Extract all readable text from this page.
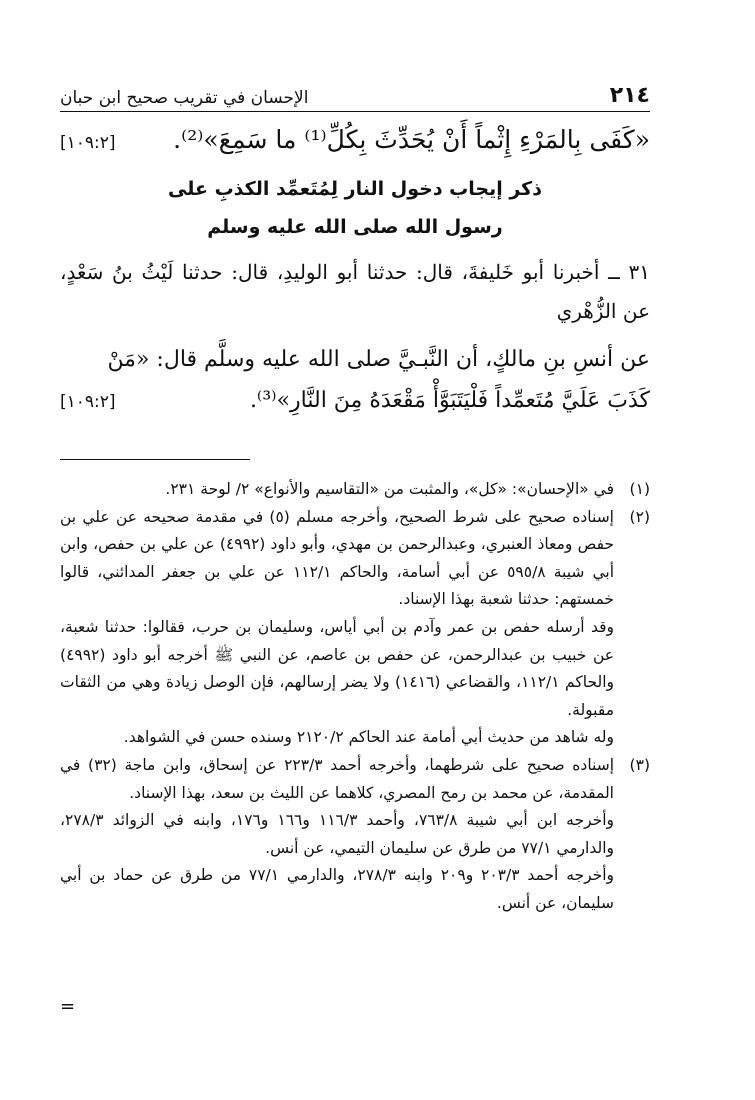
٢١٤
الإحسان في تقريب صحيح ابن حبان
«كَفَى بِالمَرْءِ إِثْماً أَنْ يُحَدِّثَ بِكُلِّ⁽¹⁾ ما سَمِعَ»⁽²⁾.
[١٠٩:٢]
ذكر إيجاب دخول النار لِمُتَعمِّد الكذبِ على
رسول الله صلى الله عليه وسلم
٣١ ــ أخبرنا أبو خَليفةَ، قال: حدثنا أبو الوليدِ، قال: حدثنا لَيْثُ بنُ سَعْدٍ، عن الزُّهْري
عن أنسِ بنِ مالكٍ، أن النَّبـيَّ صلى الله عليه وسلَّم قال: «مَنْ
كَذَبَ عَلَيَّ مُتَعمِّداً فَلْيَتَبَوَّأْ مَقْعَدَهُ مِنَ النَّارِ»⁽³⁾.
[١٠٩:٢]
(١)

في «الإحسان»: «كل»، والمثبت من «التقاسيم والأنواع» ٢/ لوحة ٢٣١.

(٢)

إسناده صحيح على شرط الصحيح، وأخرجه مسلم (٥) في مقدمة صحيحه عن علي بن حفص ومعاذ العنبري، وعبدالرحمن بن مهدي، وأبو داود (٤٩٩٢) عن علي بن حفص، وابن أبي شيبة ٥٩٥/٨ عن أبي أسامة، والحاكم ١١٢/١ عن علي بن جعفر المدائني، قالوا خمستهم: حدثنا شعبة بهذا الإسناد.

وقد أرسله حفص بن عمر وآدم بن أبي أياس، وسليمان بن حرب، فقالوا: حدثنا شعبة، عن خبيب بن عبدالرحمن، عن حفص بن عاصم، عن النبي ﷺ أخرجه أبو داود (٤٩٩٢) والحاكم ١١٢/١، والقضاعي (١٤١٦) ولا يضر إرسالهم، فإن الوصل زيادة وهي من الثقات مقبولة.

وله شاهد من حديث أبي أمامة عند الحاكم ٢١٢٠/٢ وسنده حسن في الشواهد.

(٣)

إسناده صحيح على شرطهما، وأخرجه أحمد ٢٢٣/٣ عن إسحاق، وابن ماجة (٣٢) في المقدمة، عن محمد بن رمح المصري، كلاهما عن الليث بن سعد، بهذا الإسناد.

وأخرجه ابن أبي شيبة ٧٦٣/٨، وأحمد ١١٦/٣ و١٦٦ و١٧٦، وابنه في الزوائد ٢٧٨/٣، والدارمي ٧٧/١ من طرق عن سليمان التيمي، عن أنس.

وأخرجه أحمد ٢٠٣/٣ و٢٠٩ وابنه ٢٧٨/٣، والدارمي ٧٧/١ من طرق عن حماد بن أبي سليمان، عن أنس.

=
